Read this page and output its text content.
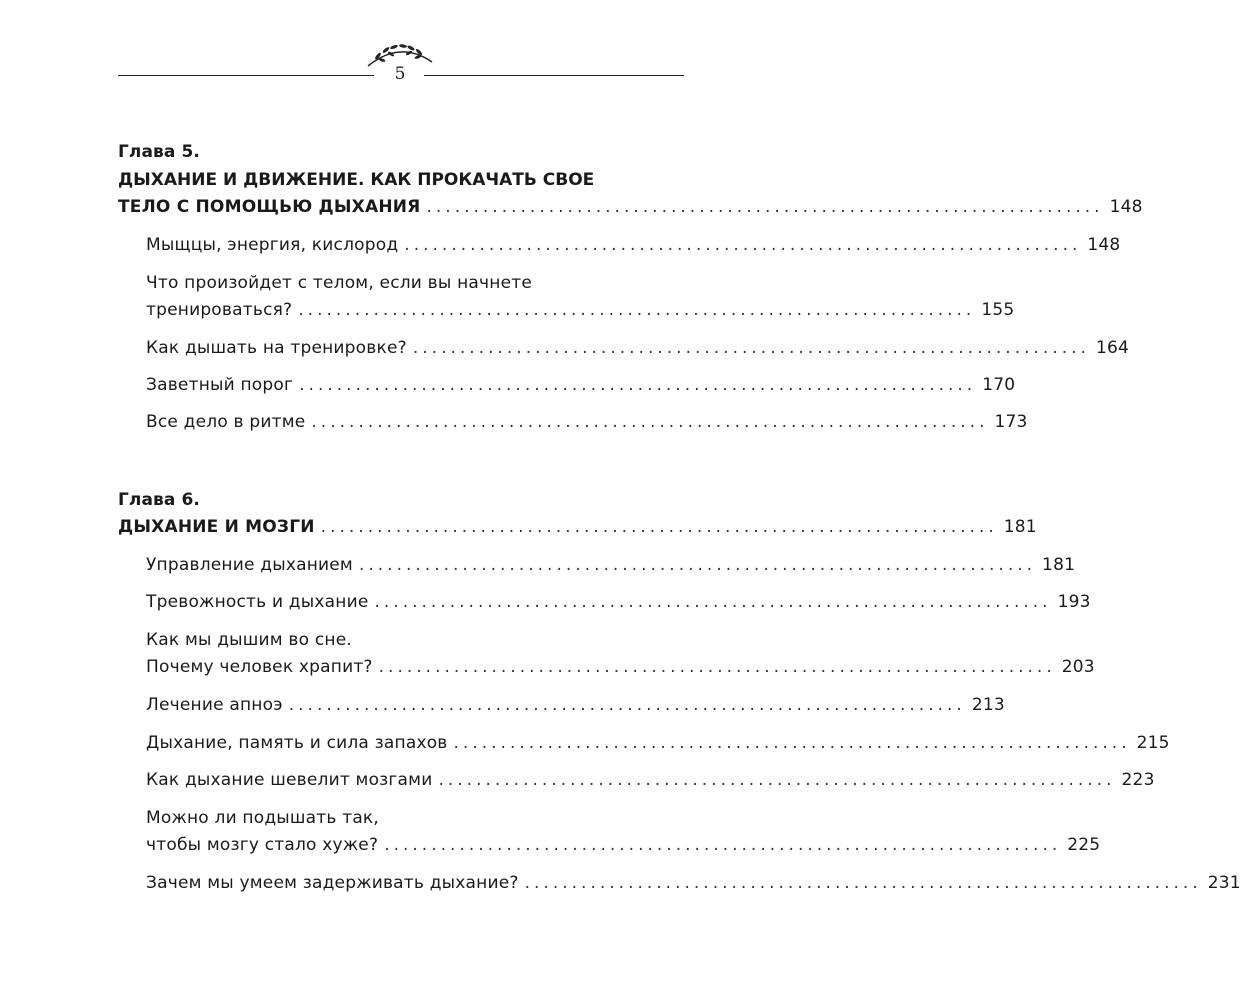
5
Глава 5.
ДЫХАНИЕ И ДВИЖЕНИЕ. КАК ПРОКАЧАТЬ СВОЕ
ТЕЛО С ПОМОЩЬЮ ДЫХАНИЯ ........................................................................ 148
Мыщцы, энергия, кислород ........................................................................ 148
Что произойдет с телом, если вы начнете
тренироваться? ........................................................................ 155
Как дышать на тренировке? ........................................................................ 164
Заветный порог ........................................................................ 170
Все дело в ритме ........................................................................ 173
Глава 6.
ДЫХАНИЕ И МОЗГИ ........................................................................ 181
Управление дыханием ........................................................................ 181
Тревожность и дыхание ........................................................................ 193
Как мы дышим во сне.
Почему человек храпит? ........................................................................ 203
Лечение апноэ ........................................................................ 213
Дыхание, память и сила запахов ........................................................................ 215
Как дыхание шевелит мозгами ........................................................................ 223
Можно ли подышать так,
чтобы мозгу стало хуже? ........................................................................ 225
Зачем мы умеем задерживать дыхание? ........................................................................ 231
